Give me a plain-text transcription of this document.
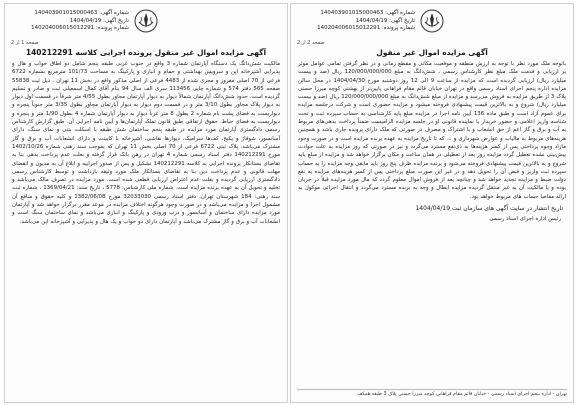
شماره آگهی: 140403901015000463
تاریخ آگهی: 1404/04/19
شماره پرونده: 140204006015012291
صفحه 2 از 2
آگهی مزایده اموال غیر منقول
باتوجه ملک مورد نظر با توجه به ارزش منطقه و موقعیت مکانی و مقطع زمانی و در نظر گرفتن تمامی عوامل موثر بر ارزیابی و قدمت ملک مبلغ نظر کارشناس رسمی ، شش‌دانگ به مبلغ 120/000/000/000 ریال (صد و بیست میلیارد ریال) ارزیابی گردیده است که مزایده از ساعت 9 الی 12 روز دوشنبه مورخ 1404/04/30 در محل سالن مزایده اداره پنجم اجرای اسناد رسمی واقع در تهران خیابان قائم مقام فراهانی پایین‌تر از بهشتی کوچه میرزا حسنی پلاک 3 از طریق مزایده به فروش می‌رسد و مزایده از مبلغ شش‌دانگ به مبلغ 120/000/000/000 ریال (صد و بیست میلیارد ریال) شروع و به بالاترین قیمت پیشنهادی فروخته میشود و مزایده حضوری است و شرکت درجلسه مزایده برای عموم آزاد است و طبق ماده 136 آیین نامه اجرا در مزایده مبلغ پایه کارشناسی به حساب سپرده ثبت و تحت شناسه واریز اعلامی و حضور خریدار یا نماینده قانونی او در جلسه مزایده الزامیست ضمناً پرداخت بدهی‌های مربوط به آب و برق و گاز اعم از حق انشعاب و یا اشتراک و مصرف در صورتی که ملک دارای پرونده جاری باشد و همچنین هزینه‌های مربوط به مالیات و عوارض شهرداری و ... که تا تاریخ مزایده به عهده برنده مزایده است و در صورت وجود مازاد وجوه پرداختی پس از کسر هزینه‌ها به ذی‌نفع مسترد می‌گردد و نیز در صورتی که روز مزایده به علت حوادث پیش‌بینی نشده تعطیل گردد مزایده روز بعد از تعطیلی در همان ساعت و مکان برگزار خواهد شد و مزایده از مبلغ پایه شروع و به بالاترین قیمت پیشنهادی فروخته می‌شود و برنده مزایده ظرف پنج روز باید مابقی وجه مزایده را به حساب سپرده ثبت واریز و قبض آن را تحویل دهد و در غیر این صورت مبلغ پرداختی پس از کسر هزینه‌های مزایده به نفع دولت ضبط و مزایده تجدید خواهد شد و چنانچه بعد از فروش اموال معلوم گردد که مال مورد مزایده قبلاً در جریان بوده و یا مالکیت آن به غیر منتقل گردیده مزایده ابطال و وجه به برنده مسترد می‌گردد و انتقال اجرائی موکول به ارائه مفاصا حساب های مربوط خواهد بود.
تاریخ انتشار در سایت آگهی های سازمان ثبت 1404/04/19
رئیس اداره اجرای اسناد رسمی
تهران - اداره پنجم اجرای اسناد رسمی - خیابان قائم مقام فراهانی کوچه میرزا حسنی پلاک 3 طبقه همکف
شماره آگهی: 140403901015000463
تاریخ آگهی: 1404/04/19
شماره پرونده: 140204006015012291
صفحه 1 از 2
آگهی مزایده اموال غیر منقول پرونده اجرایی کلاسه 140212291
مالکیت شش‌دانگ یک دستگاه آپارتمان شماره 3 واقع در جنوب غربی طبقه پنجم شامل دو اطاق خواب و هال و پذیرایی آشپزخانه اپن و سرویس بهداشتی و حمام و انباری و پارکینگ به مساحت 101/73 مترمربع بشماره 6722 فرعی از 70 اصلی مفروز و مجزی شده از 4483 فرعی از اصلی مذکور واقع در بخش 11 تهران ، ذیل ثبت 55838 صفحه 565 دفتر 574 و شماره چاپی 113456 سری الف سال 94 بنام آقای کمال اسمعیلی ثبت و صادر و تسلیم گردیده است. حدود شش‌دانگ آپارتمان شمالاً دیوار به دیوار آپارتمان مجاور بطول 4/55 متر شرقاً در قسمت اول دیوار به دیوار پلاک مجاور بطول 3/10 متر و در قسمت دوم دیوار به دیوار آپارتمان مجاور بطول 3/35 متر جنوباً پنجره و دیواریست به فضای پشت بام شماره 2 بطول 8 متر غرباً دیوار به دیوار آپارتمان شماره 4 بطول 1/90 متر و پنجره و دیواریست به فضای حیاط. حقوق ارتفاقی طبق قانون تملک آپارتمان‌ها و آیین نامه اجرایی آن. طبق گزارش کارشناس رسمی دادگستری آپارتمان مورد مزایده در طبقه پنجم ساختمان شش طبقه با اسکلت بتنی و نمای سنگ، دارای آسانسور، شوفاژ و پکیج، کف‌ها سرامیک، دیوارها نقاشی، آشپزخانه با کابینت و دارای انشعابات آب و برق و گاز مشترک می‌باشد. پلاک ثبتی 6722 فرعی از 70 اصلی بخش 11 تهران که بموجب سند رهنی شماره 1402/10/26 مورخ 140212291 دفتر اسناد رسمی شماره 4 تهران در رهن بانک قرار گرفته و بعلت عدم پرداخت بدهی بنا به تقاضای بستانکار پرونده اجرایی به کلاسه 140212291 تشکیل و پس از صدور اجراییه و ابلاغ آن به مدیون و انقضای مهلت قانونی و عدم پرداخت دین بنا به تقاضای بستانکار ملک مورد وثیقه بازداشت و توسط کارشناس رسمی دادگستری ارزیابی گردیده و بعلت عدم اعتراض ارزیابی قطعی شده است. مورد مزایده در تصرف مالک می‌باشد و تخلیه و تحویل آن به عهده برنده مزایده است. شماره ملی کارشناس: 5778 ، تاریخ سند: 1369/04/21 ، شماره ثبت سند رهنی: 184 شهرستان تهران، دفتر اسناد رسمی 32033030 مورخ 1382/06/08 و کلیه حقوق و منافع آن مشمول اجرا و مزایده می‌باشد و در صورت وجود هرگونه اختلاف مزایده در موعد مقرر برگزار خواهد شد و آپارتمان مورد مزایده دارای ساختمان و آسانسور و درب ورودی و پارکینگ و انباری می‌باشد و نمای ساختمان سنگ است و انشعابات آب و برق و گاز مشترک می‌باشد و آپارتمان دارای دو خواب و یک هال و پذیرایی و آشپزخانه اپن می‌باشد.
